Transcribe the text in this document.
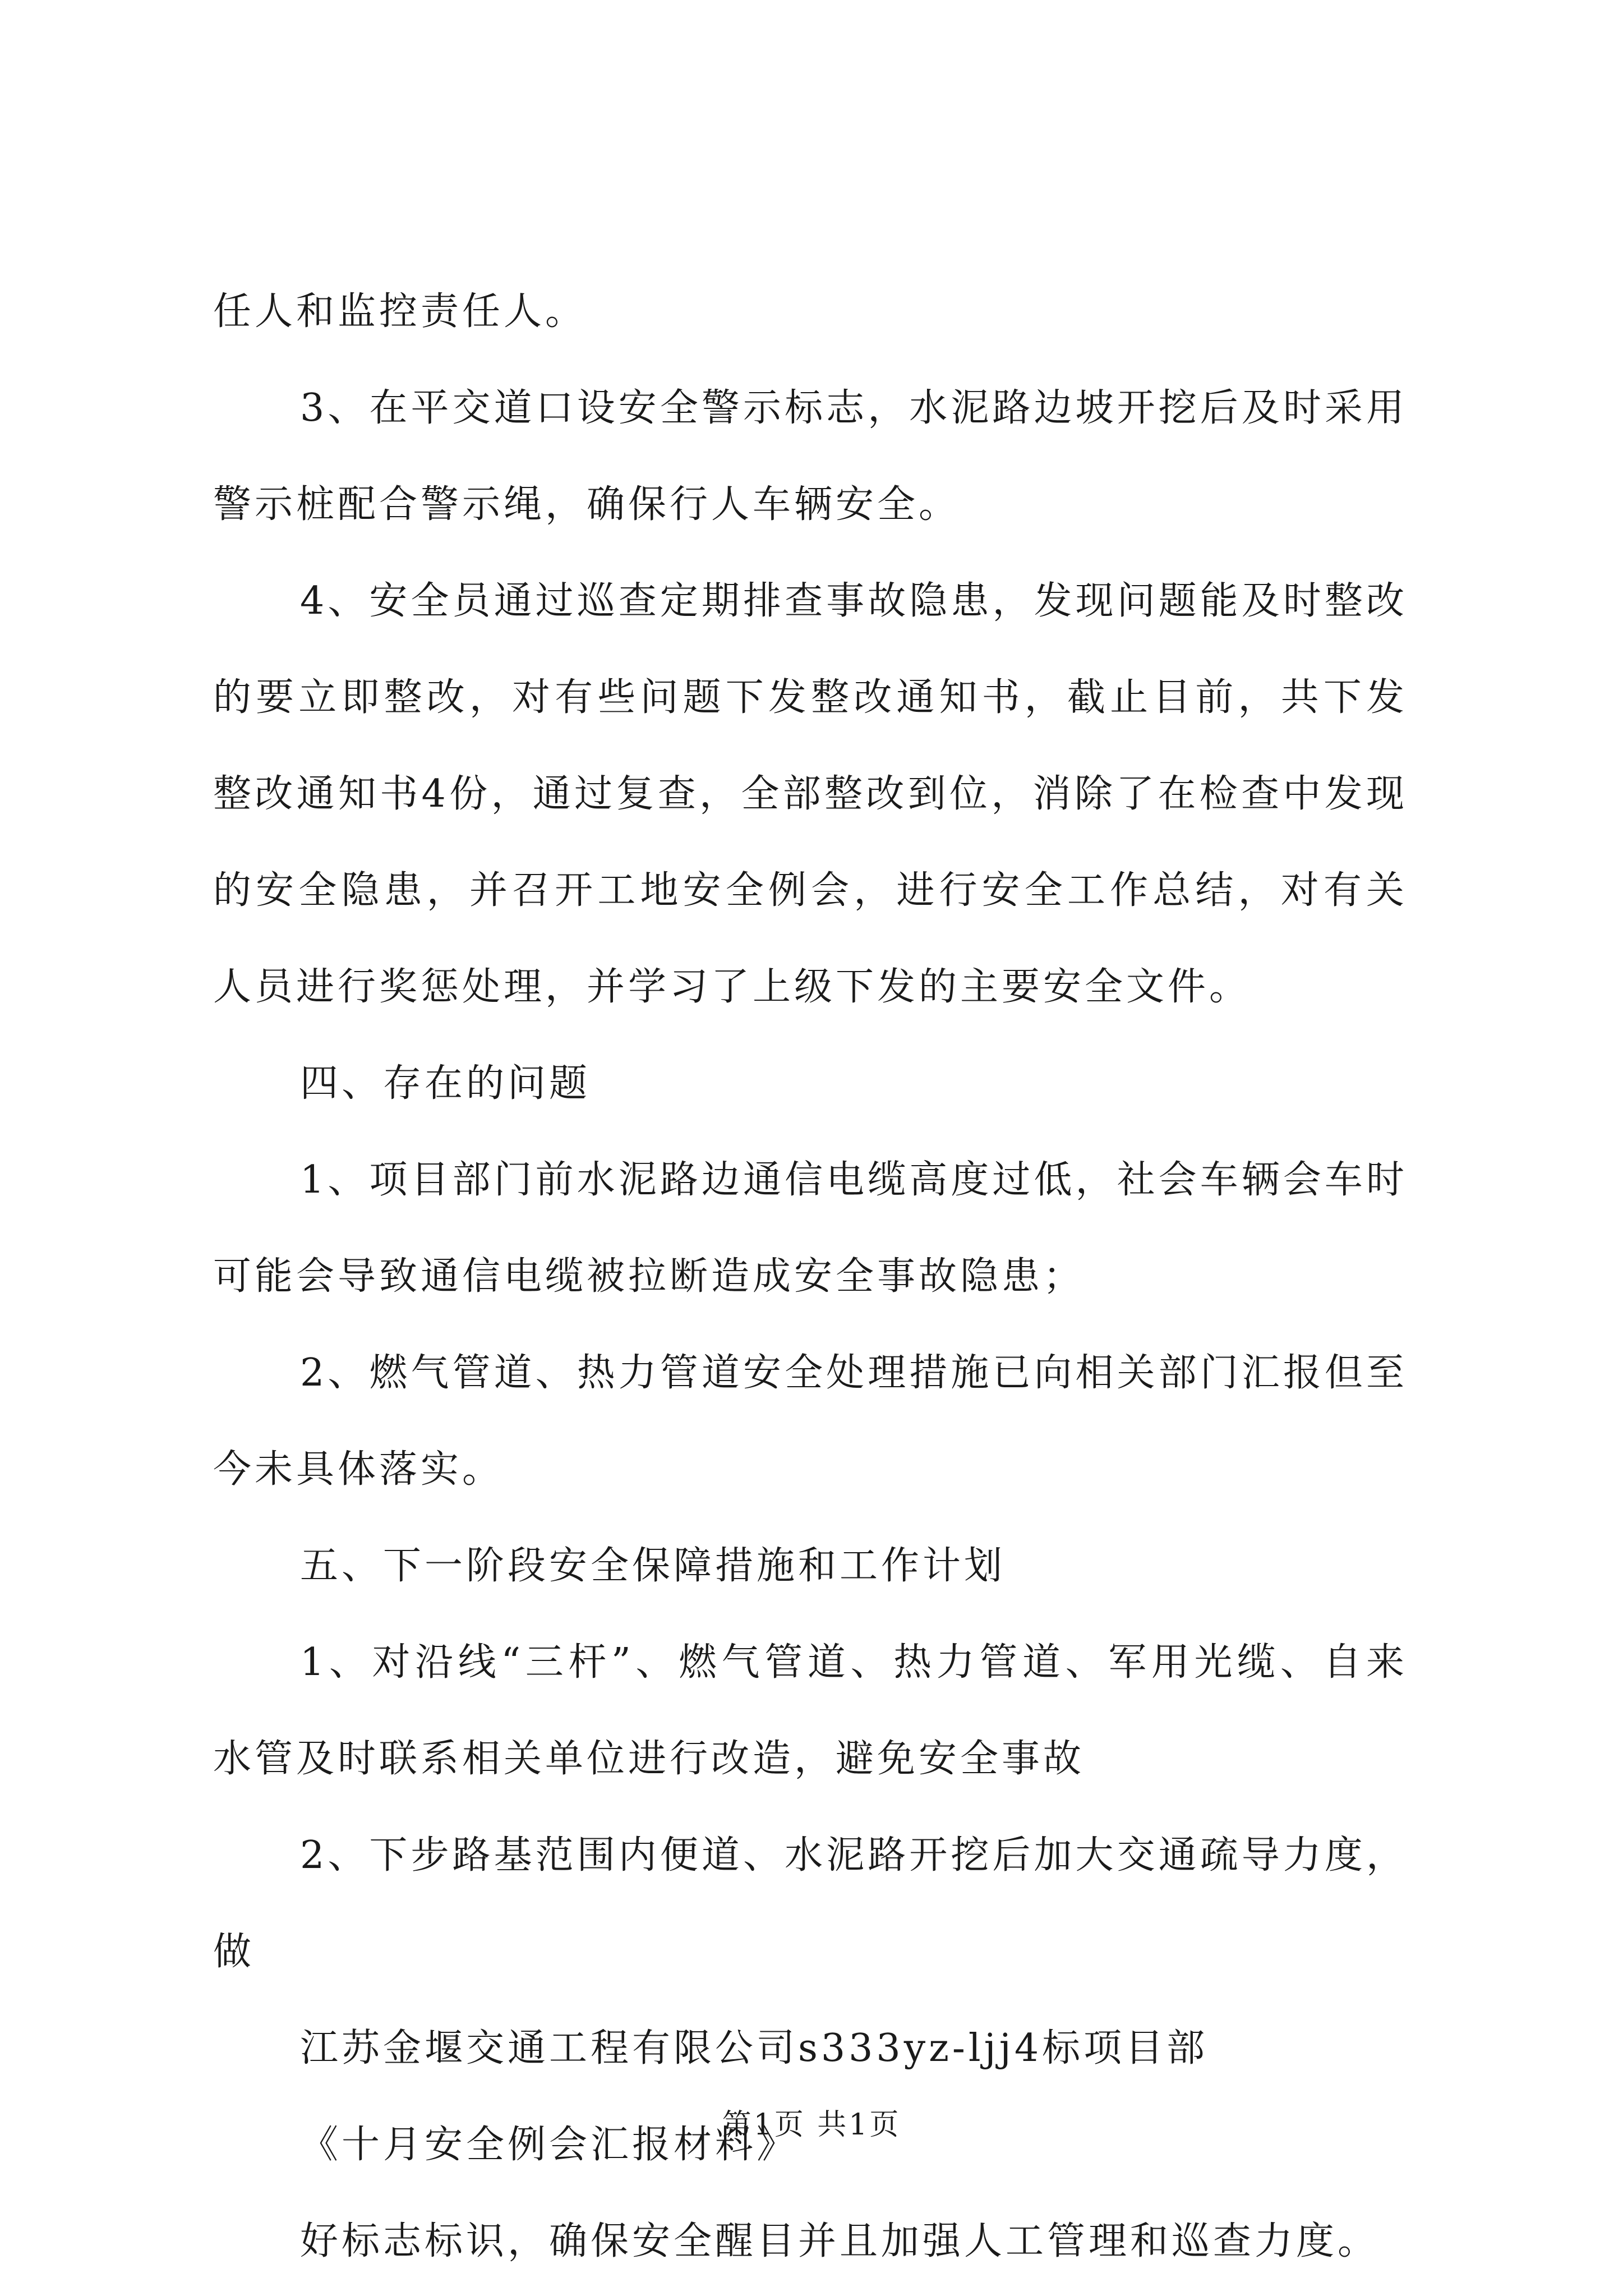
任人和监控责任人。

3、在平交道口设安全警示标志，水泥路边坡开挖后及时采用警示桩配合警示绳，确保行人车辆安全。

4、安全员通过巡查定期排查事故隐患，发现问题能及时整改的要立即整改，对有些问题下发整改通知书，截止目前，共下发整改通知书4份，通过复查，全部整改到位，消除了在检查中发现的安全隐患，并召开工地安全例会，进行安全工作总结，对有关人员进行奖惩处理，并学习了上级下发的主要安全文件。

四、存在的问题

1、项目部门前水泥路边通信电缆高度过低，社会车辆会车时可能会导致通信电缆被拉断造成安全事故隐患；

2、燃气管道、热力管道安全处理措施已向相关部门汇报但至今未具体落实。

五、下一阶段安全保障措施和工作计划

1、对沿线“三杆”、燃气管道、热力管道、军用光缆、自来水管及时联系相关单位进行改造，避免安全事故

2、下步路基范围内便道、水泥路开挖后加大交通疏导力度，做

江苏金堰交通工程有限公司s333yz-ljj4标项目部

《十月安全例会汇报材料》

好标志标识，确保安全醒目并且加强人工管理和巡查力度。

第1页 共1页
